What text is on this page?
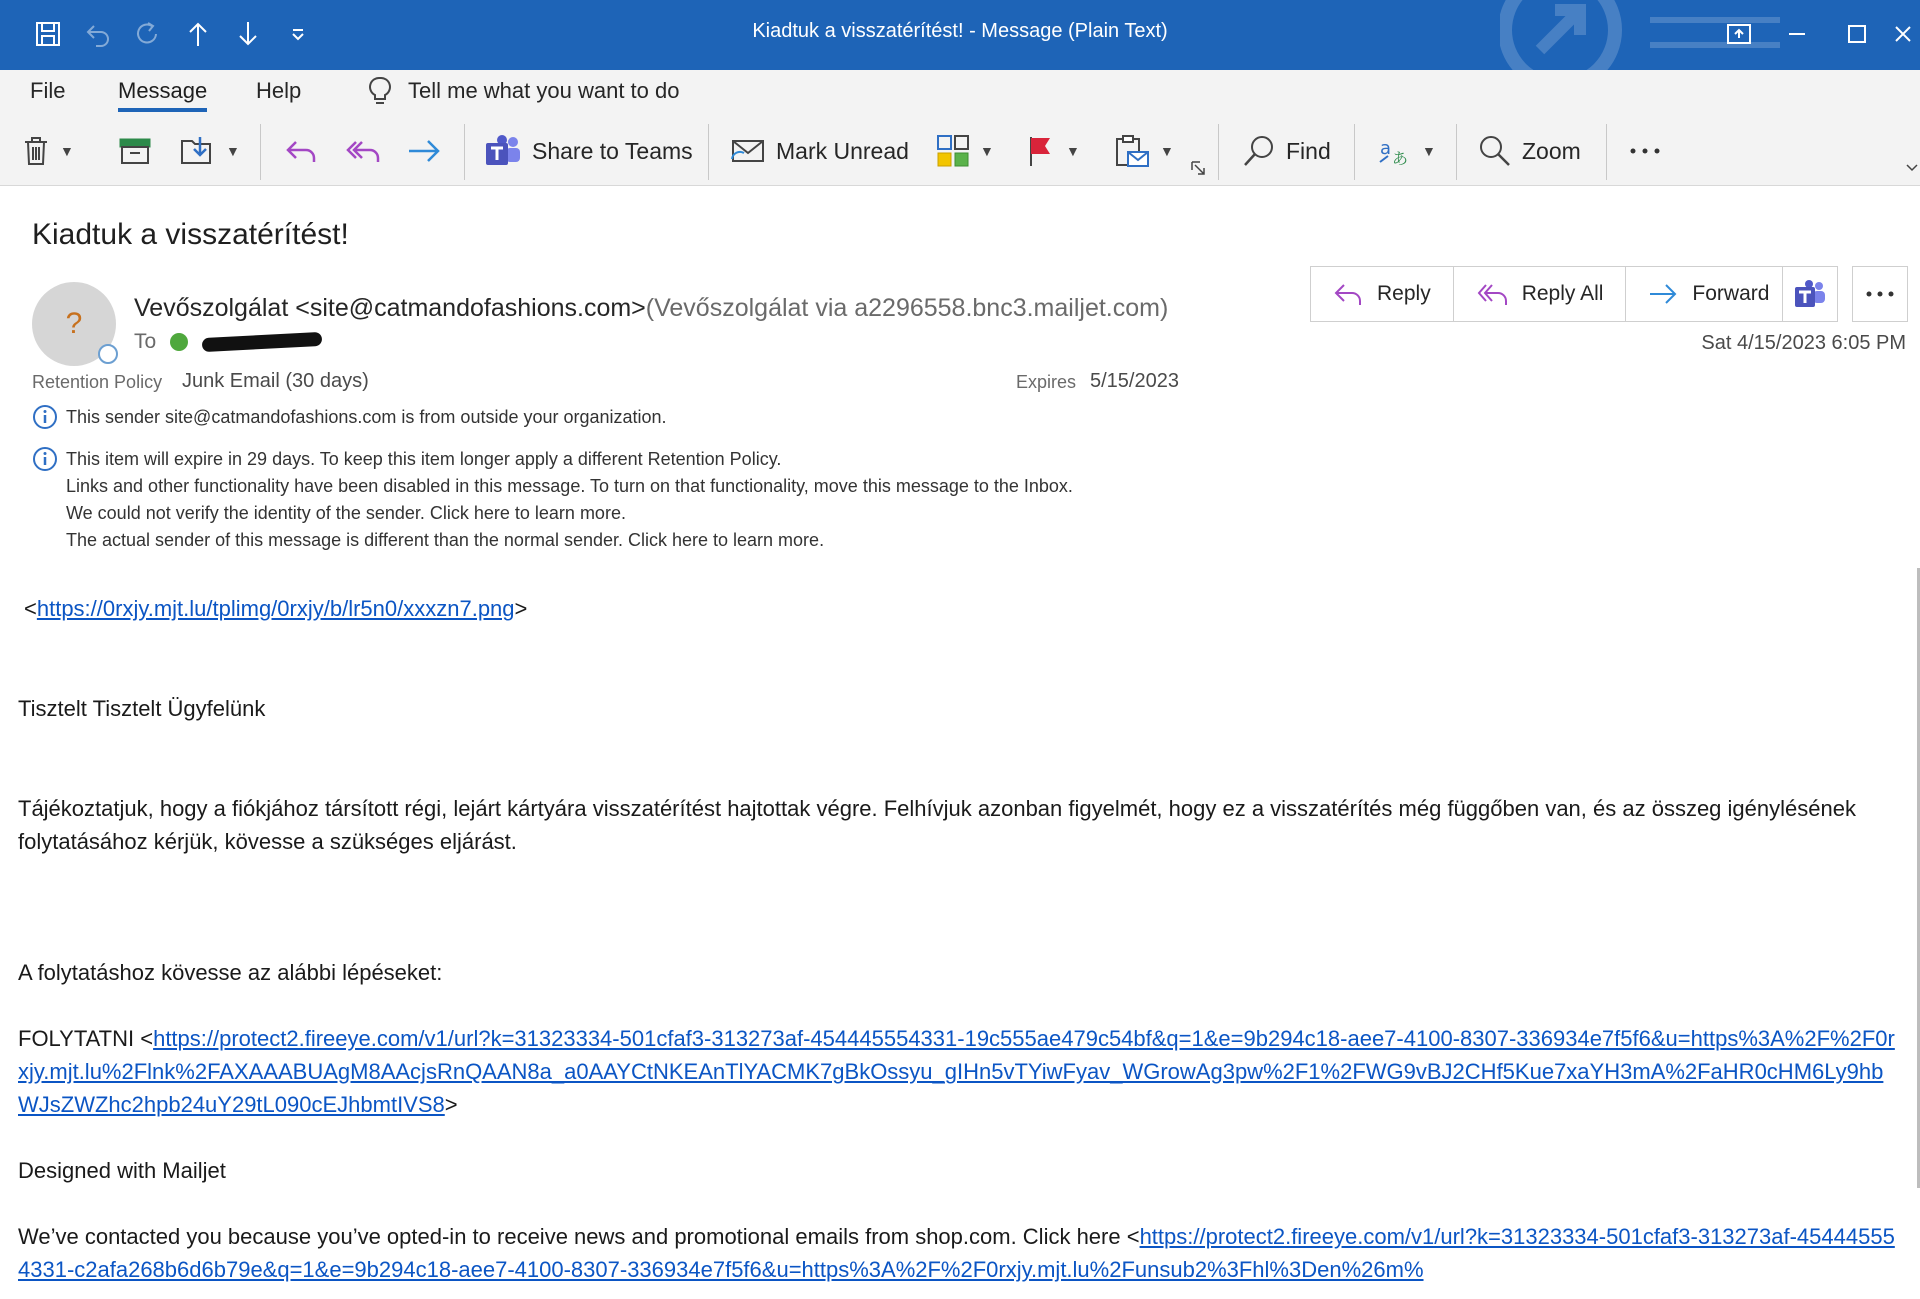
Kiadtuk a visszatérítést! - Message (Plain Text)
File Message Help	Tell me what you want to do
▼	▼	Share to Teams	Mark Unread	▼	▼	▼	Find	a あ ▼	Zoom
Kiadtuk a visszatérítést!
? Vevőszolgálat <site@catmandofashions.com>(Vevőszolgálat via a2296558.bnc3.mailjet.com)
To
Reply	Reply All	Forward
Sat 4/15/2023 6:05 PM
Retention Policy Junk Email (30 days)	Expires 5/15/2023
This sender site@catmandofashions.com is from outside your organization.
This item will expire in 29 days. To keep this item longer apply a different Retention Policy.
Links and other functionality have been disabled in this message. To turn on that functionality, move this message to the Inbox.
We could not verify the identity of the sender. Click here to learn more.
The actual sender of this message is different than the normal sender. Click here to learn more.
<https://0rxjy.mjt.lu/tplimg/0rxjy/b/lr5n0/xxxzn7.png>
Tisztelt Tisztelt Ügyfelünk
Tájékoztatjuk, hogy a fiókjához társított régi, lejárt kártyára visszatérítést hajtottak végre. Felhívjuk azonban figyelmét, hogy ez a visszatérítés még függőben van, és az összeg igénylésének folytatásához kérjük, kövesse a szükséges eljárást.
A folytatáshoz kövesse az alábbi lépéseket:
FOLYTATNI <https://protect2.fireeye.com/v1/url?k=31323334-501cfaf3-313273af-454445554331-19c555ae479c54bf&q=1&e=9b294c18-aee7-4100-8307-336934e7f5f6&u=https%3A%2F%2F0rxjy.mjt.lu%2Flnk%2FAXAAABUAgM8AAcjsRnQAAN8a_a0AAYCtNKEAnTlYACMK7gBkOssyu_gIHn5vTYiwFyav_WGrowAg3pw%2F1%2FWG9vBJ2CHf5Kue7xaYH3mA%2FaHR0cHM6Ly9hbWJsZWZhc2hpb24uY29tL090cEJhbmtIVS8>
Designed with Mailjet
We’ve contacted you because you’ve opted-in to receive news and promotional emails from shop.com. Click here <https://protect2.fireeye.com/v1/url?k=31323334-501cfaf3-313273af-454445554331-c2afa268b6d6b79e&q=1&e=9b294c18-aee7-4100-8307-336934e7f5f6&u=https%3A%2F%2F0rxjy.mjt.lu%2Funsub2%3Fhl%3Den%26m%
